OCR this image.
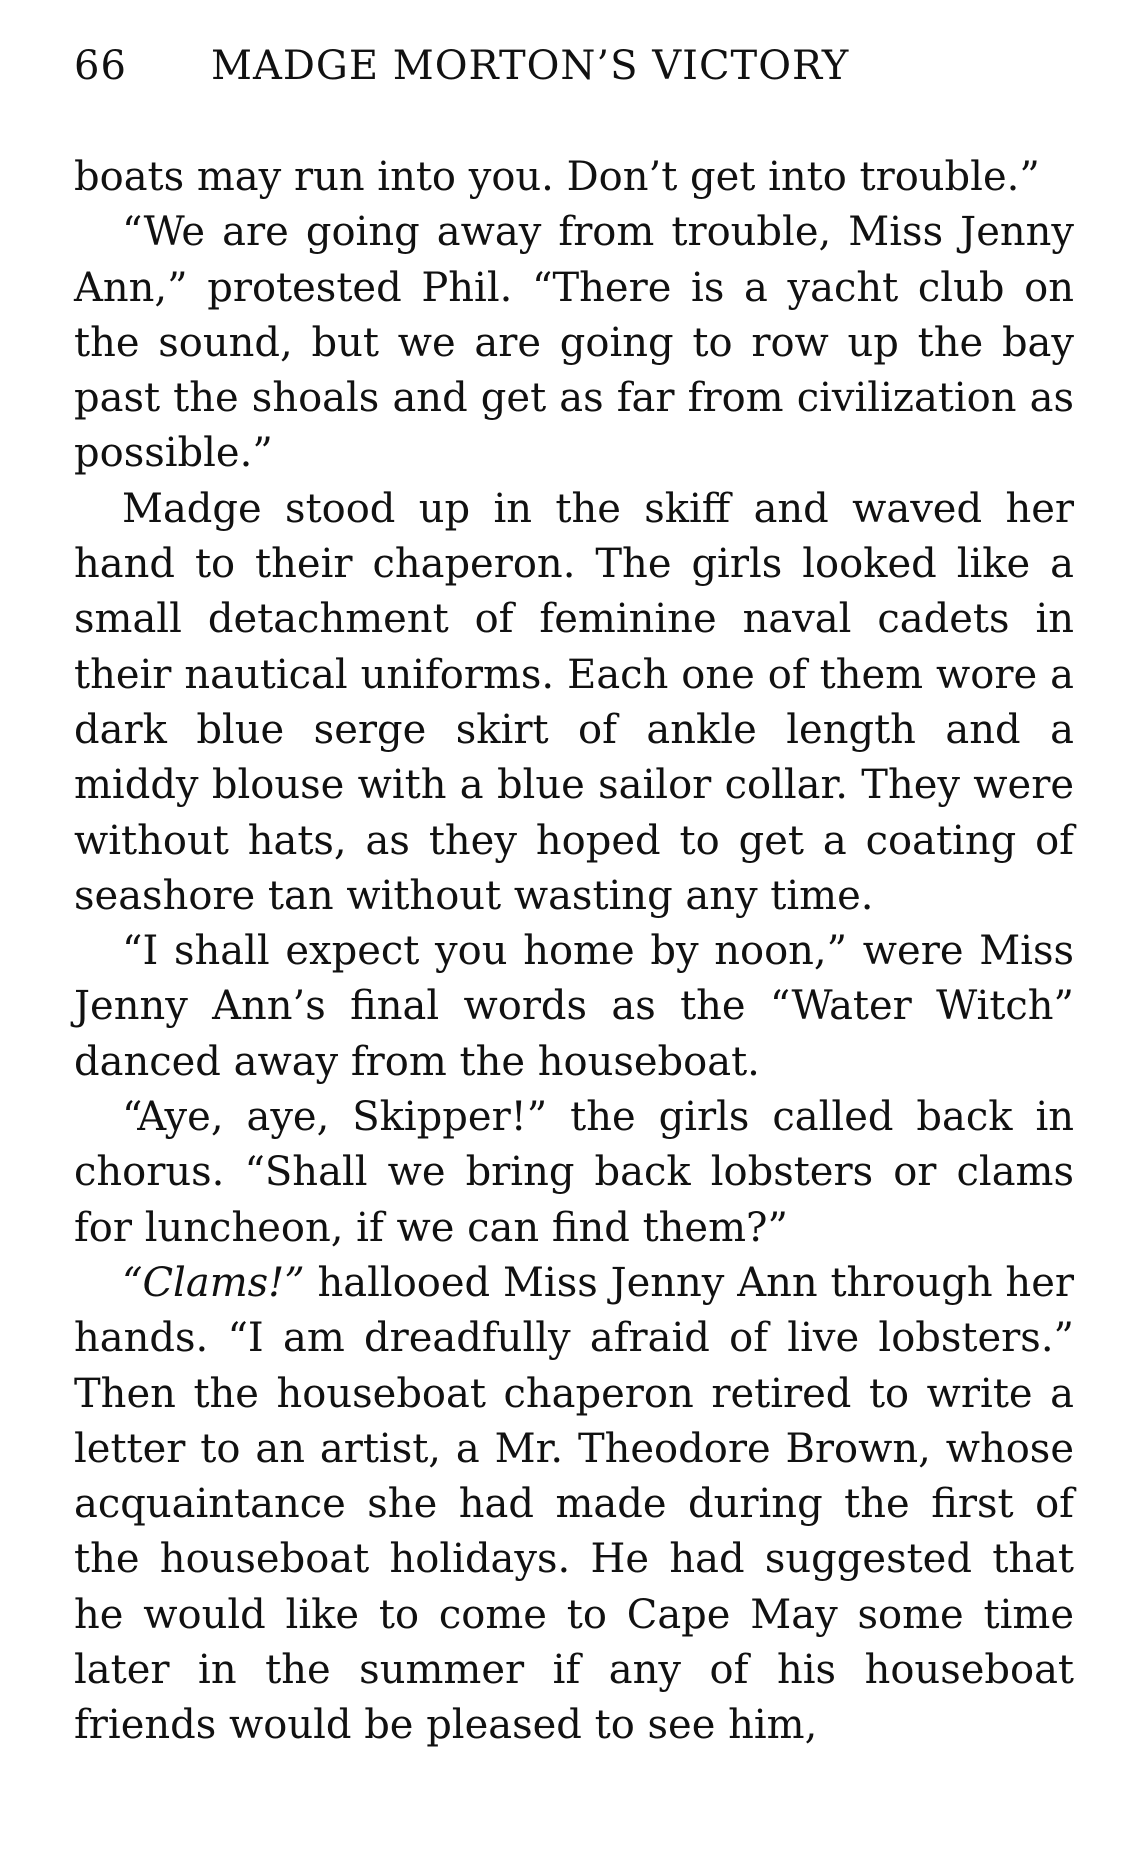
66 MADGE MORTON’S VICTORY

boats may run into you. Don’t get into trouble.”

“We are going away from trouble, Miss Jenny Ann,” protested Phil. “There is a yacht club on the sound, but we are going to row up the bay past the shoals and get as far from civilization as possible.”

Madge stood up in the skiff and waved her hand to their chaperon. The girls looked like a small detachment of feminine naval cadets in their nautical uniforms. Each one of them wore a dark blue serge skirt of ankle length and a middy blouse with a blue sailor collar. They were without hats, as they hoped to get a coating of seashore tan without wasting any time.

“I shall expect you home by noon,” were Miss Jenny Ann’s final words as the “Water Witch” danced away from the houseboat.

“Aye, aye, Skipper!” the girls called back in chorus. “Shall we bring back lobsters or clams for luncheon, if we can find them?”

“Clams!” hallooed Miss Jenny Ann through her hands. “I am dreadfully afraid of live lobsters.” Then the houseboat chaperon retired to write a letter to an artist, a Mr. Theodore Brown, whose acquaintance she had made during the first of the houseboat holidays. He had suggested that he would like to come to Cape May some time later in the summer if any of his houseboat friends would be pleased to see him,
